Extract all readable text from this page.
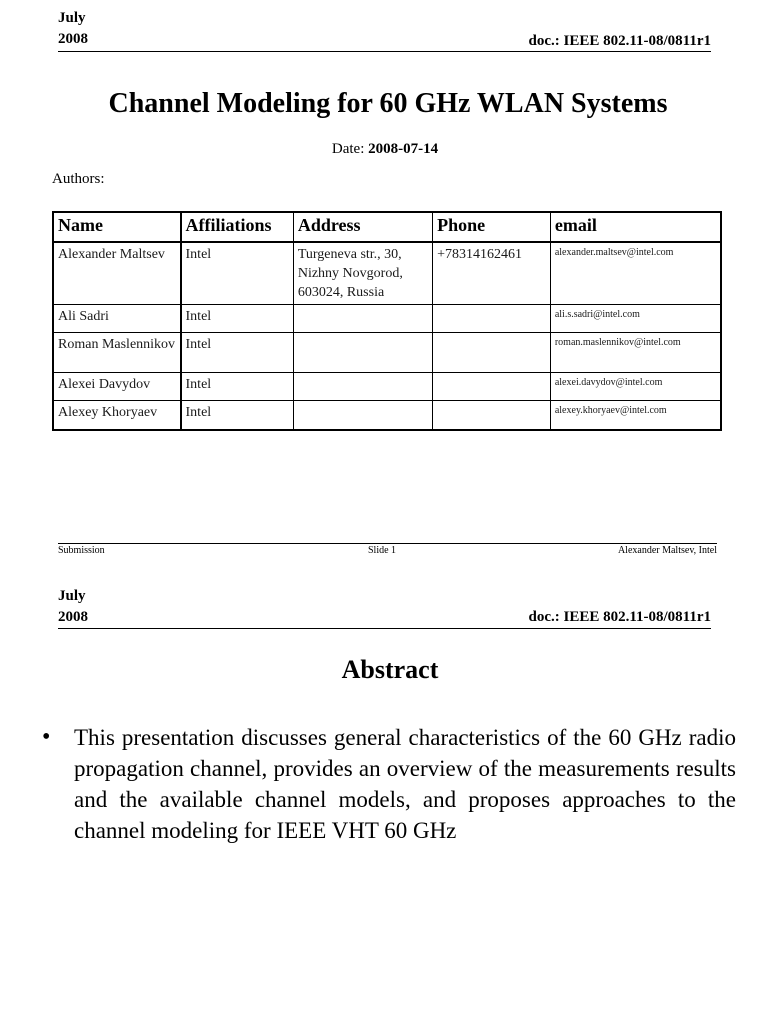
July
2008	doc.: IEEE 802.11-08/0811r1
Channel Modeling for 60 GHz WLAN Systems
Date: 2008-07-14
Authors:
Name	Affiliations	Address	Phone	email
Alexander Maltsev	Intel	Turgeneva str., 30, Nizhny Novgorod, 603024, Russia	+78314162461	alexander.maltsev@intel.com
Ali Sadri	Intel			ali.s.sadri@intel.com
Roman Maslennikov	Intel			roman.maslennikov@intel.com
Alexei Davydov	Intel			alexei.davydov@intel.com
Alexey Khoryaev	Intel			alexey.khoryaev@intel.com
Submission	Slide 1	Alexander Maltsev, Intel
July
2008	doc.: IEEE 802.11-08/0811r1
Abstract
•	This presentation discusses general characteristics of the 60 GHz radio propagation channel, provides an overview of the measurements results and the available channel models, and proposes approaches to the channel modeling for IEEE VHT 60 GHz
